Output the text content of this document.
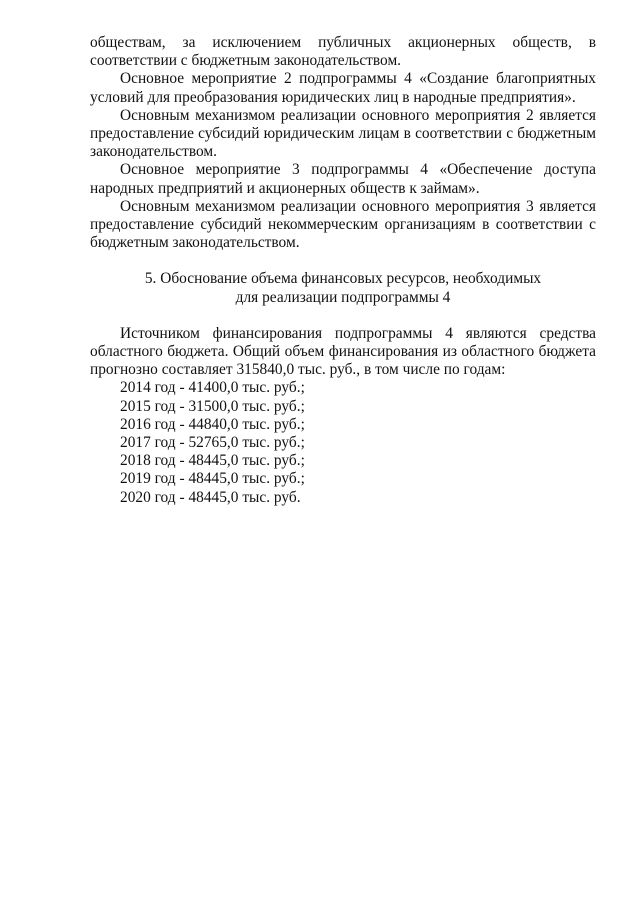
обществам, за исключением публичных акционерных обществ, в соответствии с бюджетным законодательством.

Основное мероприятие 2 подпрограммы 4 «Создание благоприятных условий для преобразования юридических лиц в народные предприятия».

Основным механизмом реализации основного мероприятия 2 является предоставление субсидий юридическим лицам в соответствии с бюджетным законодательством.

Основное мероприятие 3 подпрограммы 4 «Обеспечение доступа народных предприятий и акционерных обществ к займам».

Основным механизмом реализации основного мероприятия 3 является предоставление субсидий некоммерческим организациям в соответствии с бюджетным законодательством.

5. Обоснование объема финансовых ресурсов, необходимых
для реализации подпрограммы 4

Источником финансирования подпрограммы 4 являются средства областного бюджета. Общий объем финансирования из областного бюджета прогнозно составляет 315840,0 тыс. руб., в том числе по годам:

2014 год - 41400,0 тыс. руб.;
2015 год - 31500,0 тыс. руб.;
2016 год - 44840,0 тыс. руб.;
2017 год - 52765,0 тыс. руб.;
2018 год - 48445,0 тыс. руб.;
2019 год - 48445,0 тыс. руб.;
2020 год - 48445,0 тыс. руб.
